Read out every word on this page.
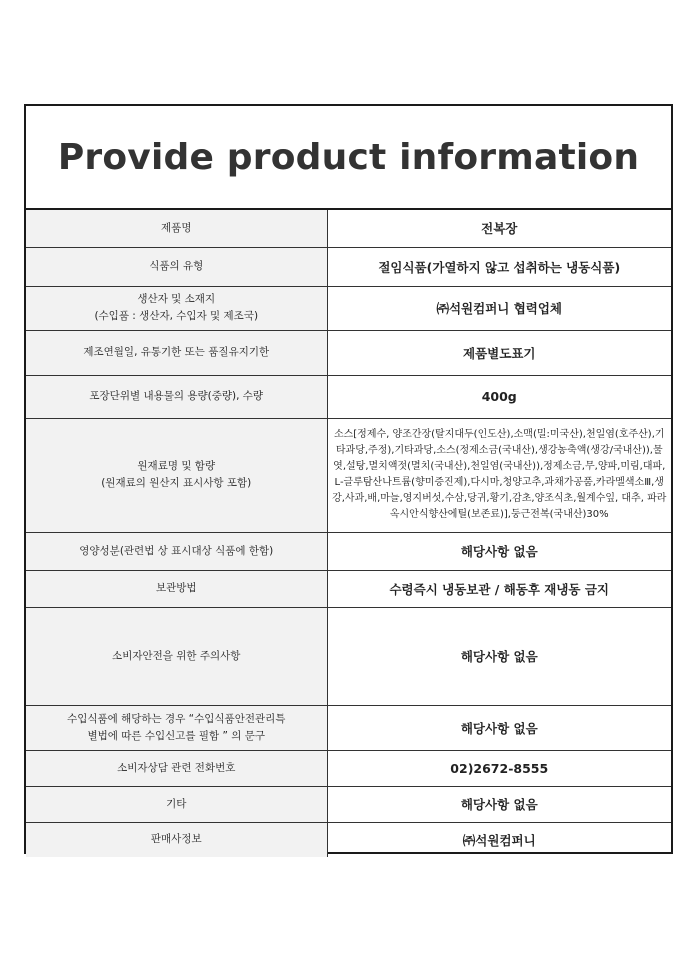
Provide product information
제품명	전복장
식품의 유형	절임식품(가열하지 않고 섭취하는 냉동식품)
생산자 및 소재지
(수입품 : 생산자, 수입자 및 제조국)	㈜석원컴퍼니 협력업체
제조연월일, 유통기한 또는 품질유지기한	제품별도표기
포장단위별 내용물의 용량(중량), 수량	400g
원재료명 및 함량
(원재료의 원산지 표시사항 포함)	소스[정제수, 양조간장(탈지대두(인도산),소맥(밀:미국산),천일염(호주산),기타과당,주정),기타과당,소스(정제소금(국내산),생강농축액(생강/국내산)),물엿,설탕,멸치액젓(멸치(국내산),천일염(국내산)),정제소금,무,양파,미림,대파,L-글루탐산나트륨(향미증진제),다시마,청양고추,과채가공품,카라멜색소Ⅲ,생강,사과,배,마늘,영지버섯,수삼,당귀,황기,감초,양조식초,월계수잎, 대추, 파라옥시안식향산에틸(보존료)],둥근전복(국내산)30%
영양성분(관련법 상 표시대상 식품에 한함)	해당사항 없음
보관방법	수령즉시 냉동보관 / 해동후 재냉동 금지
소비자안전을 위한 주의사항	해당사항 없음
수입식품에 해당하는 경우 “수입식품안전관리특
별법에 따른 수입신고를 필함 ” 의 문구	해당사항 없음
소비자상담 관련 전화번호	02)2672-8555
기타	해당사항 없음
판매사정보	㈜석원컴퍼니
